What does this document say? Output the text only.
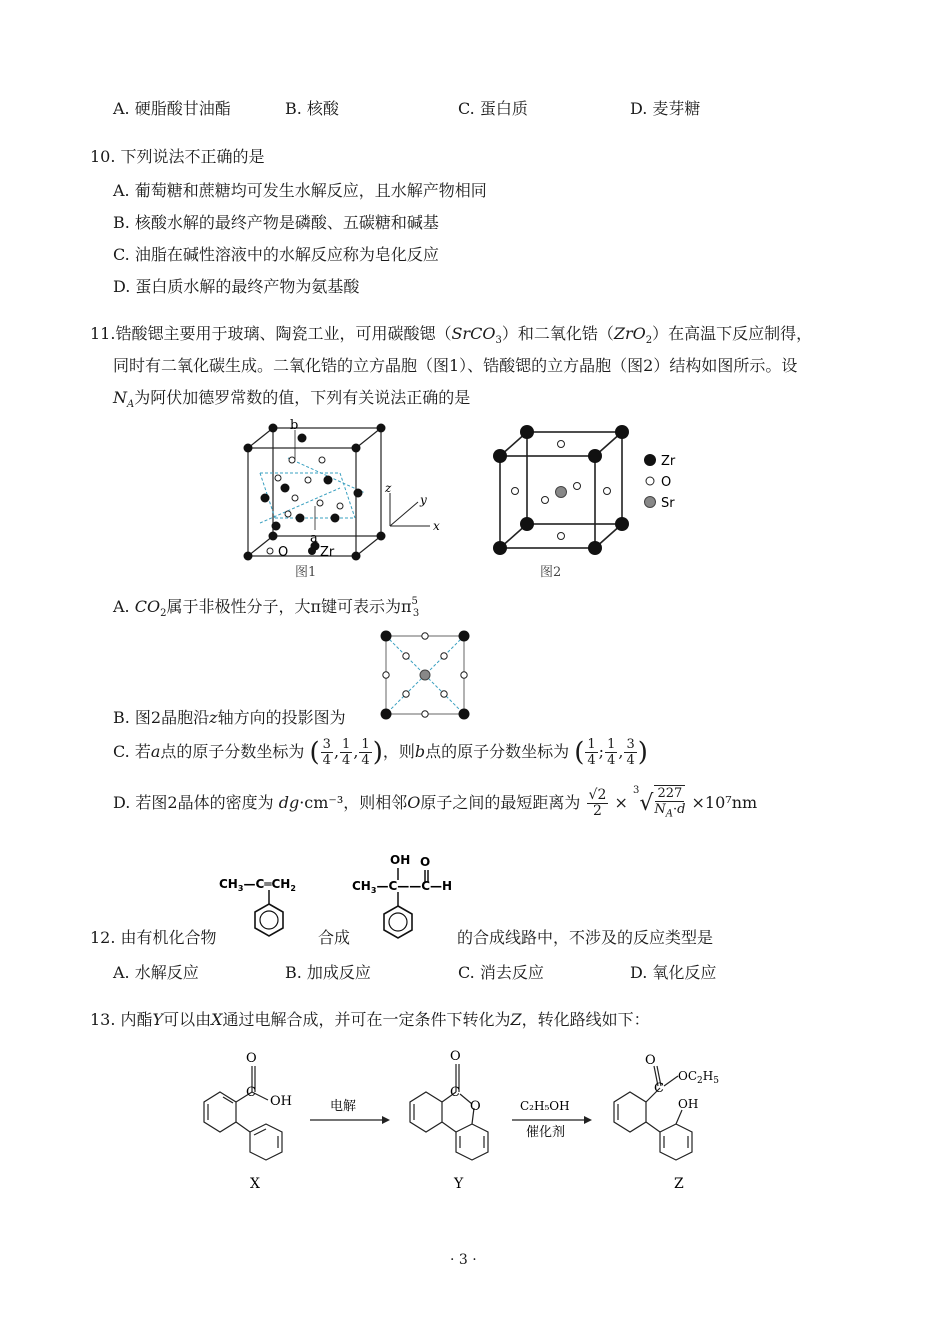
A. 硬脂酸甘油酯	B. 核酸	C. 蛋白质	D. 麦芽糖
10. 下列说法不正确的是
A. 葡萄糖和蔗糖均可发生水解反应，且水解产物相同
B. 核酸水解的最终产物是磷酸、五碳糖和碱基
C. 油脂在碱性溶液中的水解反应称为皂化反应
D. 蛋白质水解的最终产物为氨基酸
11.锆酸锶主要用于玻璃、陶瓷工业，可用碳酸锶（SrCO$_3$）和二氧化锆（ZrO$_2$）在高温下反应制得，
同时有二氧化碳生成。二氧化锆的立方晶胞（图1）、锆酸锶的立方晶胞（图2）结构如图所示。设
$N_A$为阿伏加德罗常数的值，下列有关说法正确的是
b
a
O Zr
图1
z
y
x
Zr
O
Sr
图2
A. $CO_2$属于非极性分子，大π键可表示为$\pi^5_3$
B. 图2晶胞沿z轴方向的投影图为
C. 若a点的原子分数坐标为 ( $\frac{3}{4}$ , $\frac{1}{4}$ , $\frac{1}{4}$ )，则b点的原子分数坐标为 ( $\frac{1}{4}$ ; $\frac{1}{4}$ , $\frac{3}{4}$ )
D. 若图2晶体的密度为 dg·cm⁻³，则相邻O原子之间的最短距离为 $\frac{√2}{2} \times ^3√ \frac{227}{N_A\cdot d} \times 10^7nm$
$CH_3—C═CH_2$
OH O
$CH_3—C——C—H$
12. 由有机化合物	合成	的合成线路中，不涉及的反应类型是
A. 水解反应	B. 加成反应	C. 消去反应	D. 氧化反应
13. 内酯Y可以由X通过电解合成，并可在一定条件下转化为Z，转化路线如下：
O
C
OH
X
电解
O
C
O
Y
C₂H₅OH
催化剂
O
C
$OC_2H_5$
OH
Z
· 3 ·
